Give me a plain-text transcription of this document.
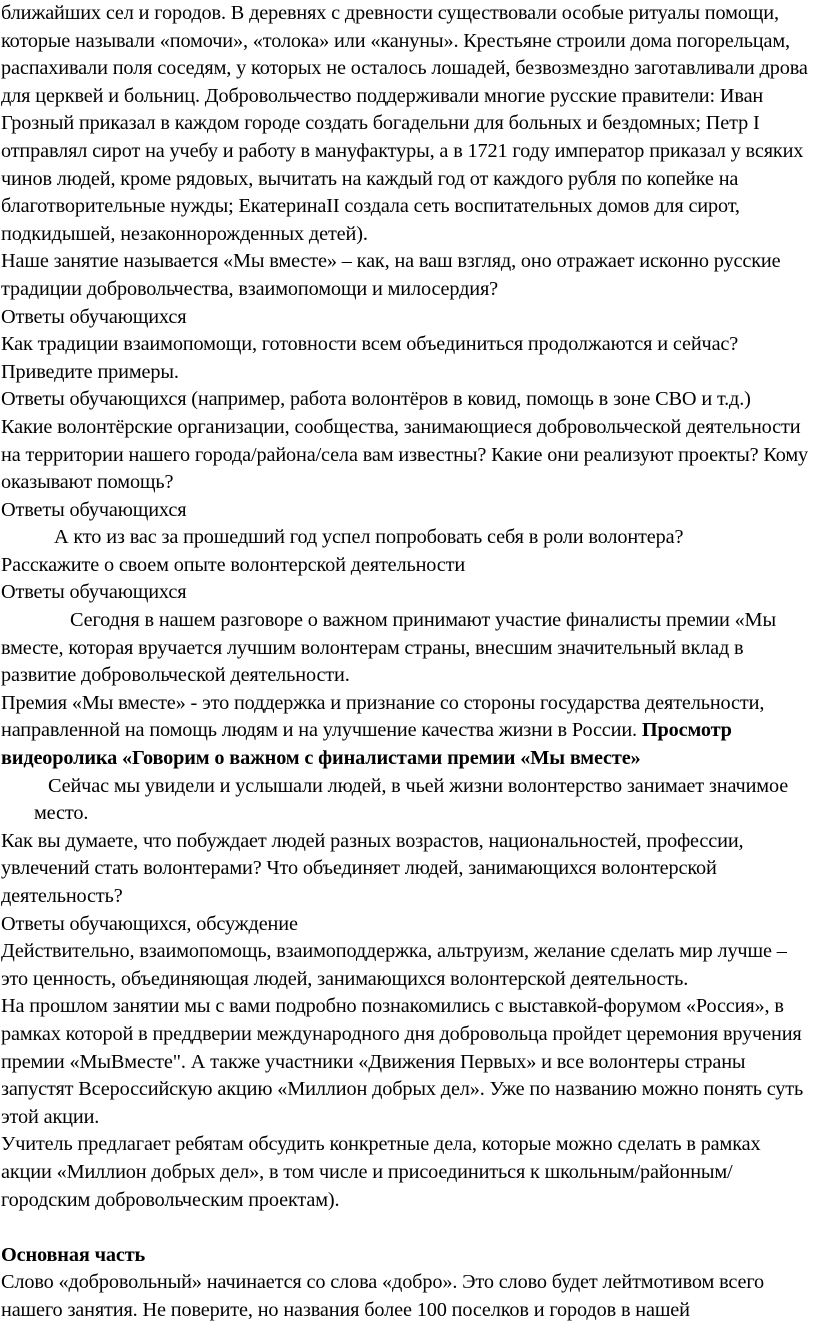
ближайших сел и городов. В деревнях с древности существовали особые ритуалы помощи, которые называли «помочи», «толока» или «кануны». Крестьяне строили дома погорельцам, распахивали поля соседям, у которых не осталось лошадей, безвозмездно заготавливали дрова для церквей и больниц. Добровольчество поддерживали многие русские правители: Иван Грозный приказал в каждом городе создать богадельни для больных и бездомных; Петр I отправлял сирот на учебу и работу в мануфактуры, а в 1721 году император приказал у всяких чинов людей, кроме рядовых, вычитать на каждый год от каждого рубля по копейке на благотворительные нужды; ЕкатеринаII создала сеть воспитательных домов для сирот, подкидышей, незаконнорожденных детей).

Наше занятие называется «Мы вместе» – как, на ваш взгляд, оно отражает исконно русские традиции добровольчества, взаимопомощи и милосердия?

Ответы обучающихся

Как традиции взаимопомощи, готовности всем объединиться продолжаются и сейчас? Приведите примеры.

Ответы обучающихся (например, работа волонтёров в ковид, помощь в зоне СВО и т.д.)

Какие волонтёрские организации, сообщества, занимающиеся добровольческой деятельности на территории нашего города/района/села вам известны? Какие они реализуют проекты? Кому оказывают помощь?

Ответы обучающихся

А кто из вас за прошедший год успел попробовать себя в роли волонтера?

Расскажите о своем опыте волонтерской деятельности

Ответы обучающихся

Сегодня в нашем разговоре о важном принимают участие финалисты премии «Мы вместе, которая вручается лучшим волонтерам страны, внесшим значительный вклад в развитие добровольческой деятельности.

Премия «Мы вместе» - это поддержка и признание со стороны государства деятельности, направленной на помощь людям и на улучшение качества жизни в России. Просмотр видеоролика «Говорим о важном с финалистами премии «Мы вместе»

Сейчас мы увидели и услышали людей, в чьей жизни волонтерство занимает значимое место.

Как вы думаете, что побуждает людей разных возрастов, национальностей, профессии, увлечений стать волонтерами? Что объединяет людей, занимающихся волонтерской деятельность?

Ответы обучающихся, обсуждение

Действительно, взаимопомощь, взаимоподдержка, альтруизм, желание сделать мир лучше – это ценность, объединяющая людей, занимающихся волонтерской деятельность.

На прошлом занятии мы с вами подробно познакомились с выставкой-форумом «Россия», в рамках которой в преддверии международного дня добровольца пройдет церемония вручения премии «МыВместе". А также участники «Движения Первых» и все волонтеры страны запустят Всероссийскую акцию «Миллион добрых дел». Уже по названию можно понять суть этой акции.

Учитель предлагает ребятам обсудить конкретные дела, которые можно сделать в рамках акции «Миллион добрых дел», в том числе и присоединиться к школьным/районным/городским добровольческим проектам).

Основная часть

Слово «добровольный» начинается со слова «добро». Это слово будет лейтмотивом всего нашего занятия. Не поверите, но названия более 100 поселков и городов в нашей
